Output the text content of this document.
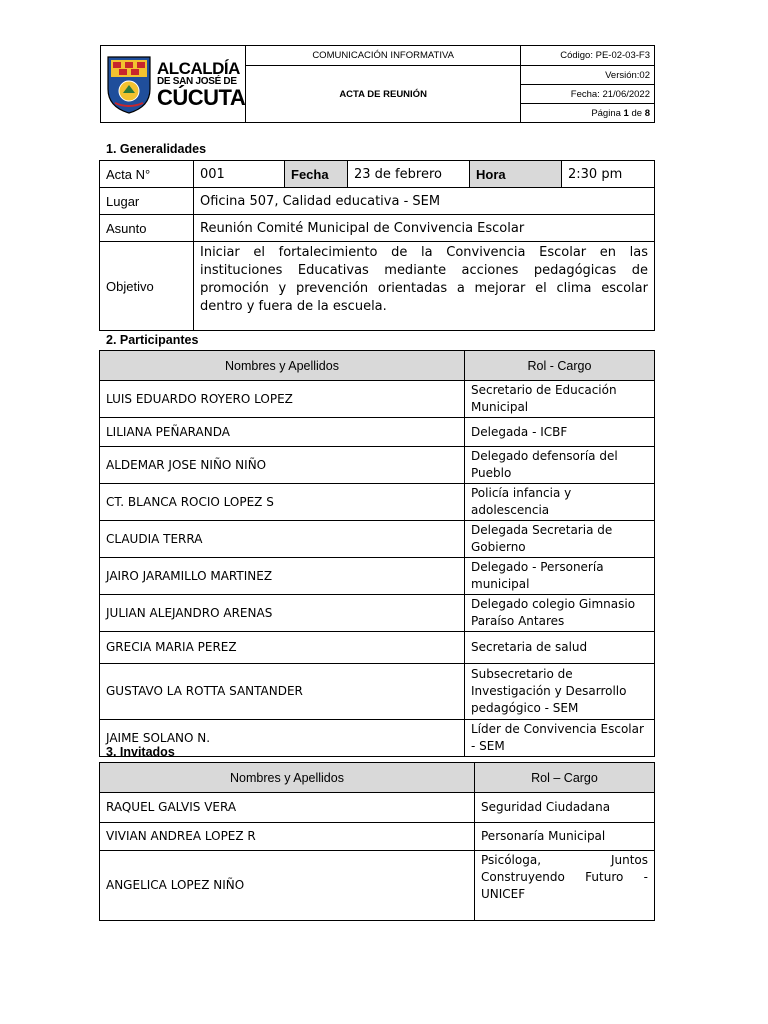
ALCALDÍA
DE SAN JOSÉ DE
CÚCUTA	COMUNICACIÓN INFORMATIVA	Código: PE-02-03-F3
	ACTA DE REUNIÓN	Versión:02
		Fecha: 21/06/2022
		Página 1 de 8
1. Generalidades
Acta N°	001	Fecha	23 de febrero	Hora	2:30 pm
Lugar	Oficina 507, Calidad educativa - SEM				
Asunto	Reunión Comité Municipal de Convivencia Escolar				
Objetivo	Iniciar el fortalecimiento de la Convivencia Escolar en las instituciones Educativas mediante acciones pedagógicas de promoción y prevención orientadas a mejorar el clima escolar dentro y fuera de la escuela.				
2. Participantes
Nombres y Apellidos	Rol - Cargo
LUIS EDUARDO ROYERO LOPEZ	Secretario de Educación Municipal
LILIANA PEÑARANDA	Delegada - ICBF
ALDEMAR JOSE NIÑO NIÑO	Delegado defensoría del Pueblo
CT. BLANCA ROCIO LOPEZ S	Policía infancia y adolescencia
CLAUDIA TERRA	Delegada Secretaria de Gobierno
JAIRO JARAMILLO MARTINEZ	Delegado - Personería municipal
JULIAN ALEJANDRO ARENAS	Delegado colegio Gimnasio Paraíso Antares
GRECIA MARIA PEREZ	Secretaria de salud
GUSTAVO LA ROTTA SANTANDER	Subsecretario de Investigación y Desarrollo pedagógico - SEM
JAIME SOLANO N.	Líder de Convivencia Escolar - SEM
3. Invitados
Nombres y Apellidos	Rol – Cargo
RAQUEL GALVIS VERA	Seguridad Ciudadana
VIVIAN ANDREA LOPEZ R	Personaría Municipal
ANGELICA LOPEZ NIÑO	Psicóloga, Juntos Construyendo Futuro - UNICEF
